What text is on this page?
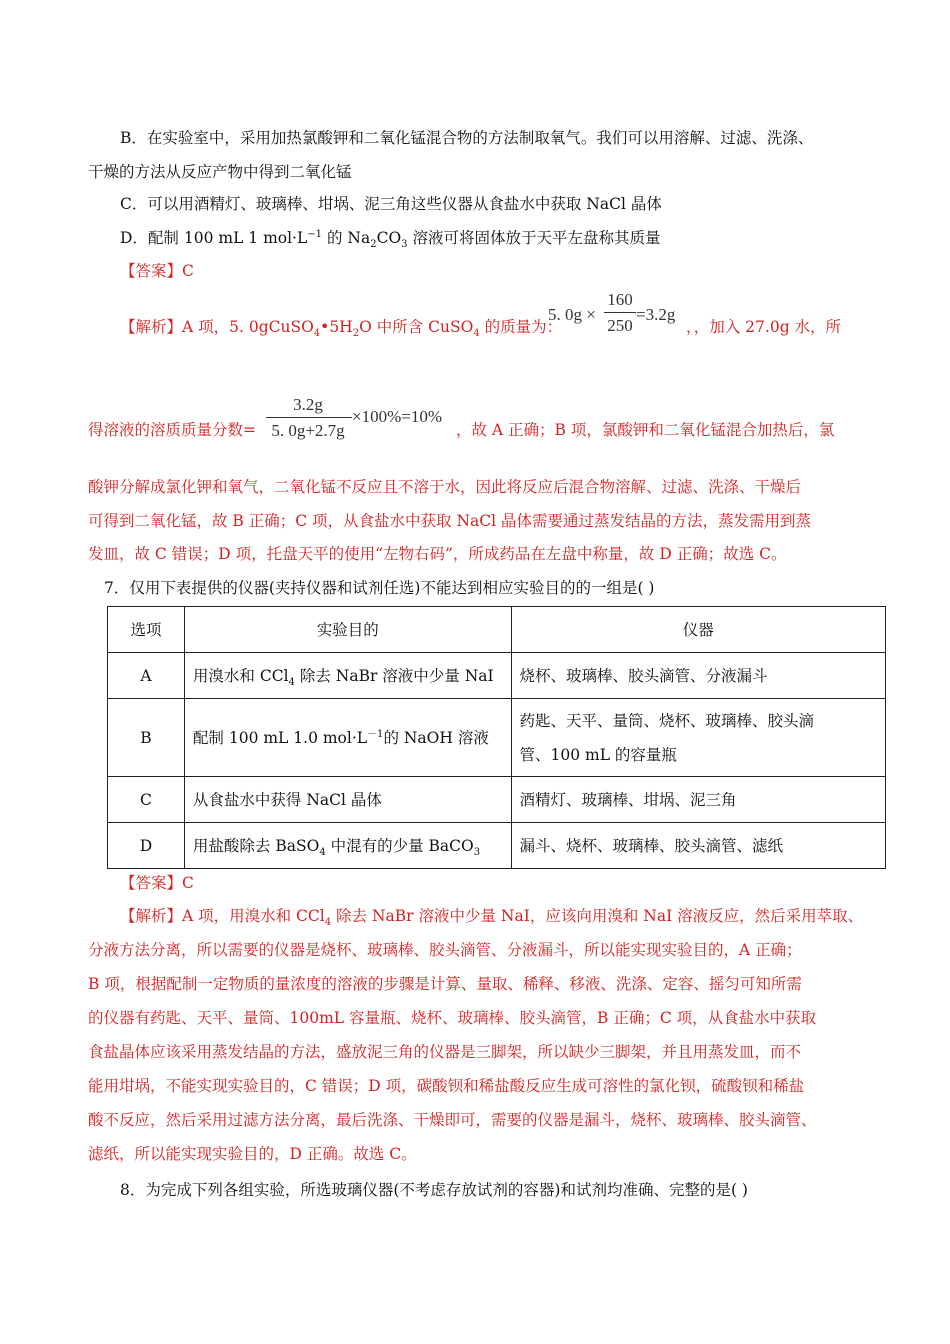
B．在实验室中，采用加热氯酸钾和二氧化锰混合物的方法制取氧气。我们可以用溶解、过滤、洗涤、
干燥的方法从反应产物中得到二氧化锰
C．可以用酒精灯、玻璃棒、坩埚、泥三角这些仪器从食盐水中获取 NaCl 晶体
D．配制 100 mL 1 $mol\cdot L^{-1}$ 的 $Na_2CO_3$ 溶液可将固体放于天平左盘称其质量
【答案】C
【解析】A 项，5. $0gCuSO_4•5H_2O$ 中所含 CuSO$_4$ 的质量为：
5. 0g ×
160
250
=3.2g
，，加入 27.0g 水，所
得溶液的溶质质量分数=
3.2g
5. 0g+2.7g
×100%=10%
，故 A 正确；B 项，氯酸钾和二氧化锰混合加热后，氯
酸钾分解成氯化钾和氧气，二氧化锰不反应且不溶于水，因此将反应后混合物溶解、过滤、洗涤、干燥后
可得到二氧化锰，故 B 正确；C 项，从食盐水中获取 NaCl 晶体需要通过蒸发结晶的方法，蒸发需用到蒸
发皿，故 C 错误；D 项，托盘天平的使用“左物右码”，所成药品在左盘中称量，故 D 正确；故选 C。
7．仅用下表提供的仪器(夹持仪器和试剂任选)不能达到相应实验目的的一组是( )
选项	实验目的	仪器
A	用溴水和 CCl$_4$ 除去 NaBr 溶液中少量 NaI	烧杯、玻璃棒、胶头滴管、分液漏斗
B	配制 100 mL 1.0 $mol\cdot L^{-1}$的 NaOH 溶液	药匙、天平、量筒、烧杯、玻璃棒、胶头滴
管、100 mL 的容量瓶

C	从食盐水中获得 NaCl 晶体	酒精灯、玻璃棒、坩埚、泥三角
D	用盐酸除去 BaSO$_4$ 中混有的少量 BaCO$_3$	漏斗、烧杯、玻璃棒、胶头滴管、滤纸
【答案】C
【解析】A 项，用溴水和 CCl$_4$ 除去 NaBr 溶液中少量 NaI，应该向用溴和 NaI 溶液反应，然后采用萃取、
分液方法分离，所以需要的仪器是烧杯、玻璃棒、胶头滴管、分液漏斗，所以能实现实验目的，A 正确；
B 项，根据配制一定物质的量浓度的溶液的步骤是计算、量取、稀释、移液、洗涤、定容、摇匀可知所需
的仪器有药匙、天平、量筒、100mL 容量瓶、烧杯、玻璃棒、胶头滴管，B 正确；C 项，从食盐水中获取
食盐晶体应该采用蒸发结晶的方法，盛放泥三角的仪器是三脚架，所以缺少三脚架，并且用蒸发皿，而不
能用坩埚，不能实现实验目的，C 错误；D 项，碳酸钡和稀盐酸反应生成可溶性的氯化钡，硫酸钡和稀盐
酸不反应，然后采用过滤方法分离，最后洗涤、干燥即可，需要的仪器是漏斗，烧杯、玻璃棒、胶头滴管、
滤纸，所以能实现实验目的，D 正确。故选 C。
8．为完成下列各组实验，所选玻璃仪器(不考虑存放试剂的容器)和试剂均准确、完整的是( )
